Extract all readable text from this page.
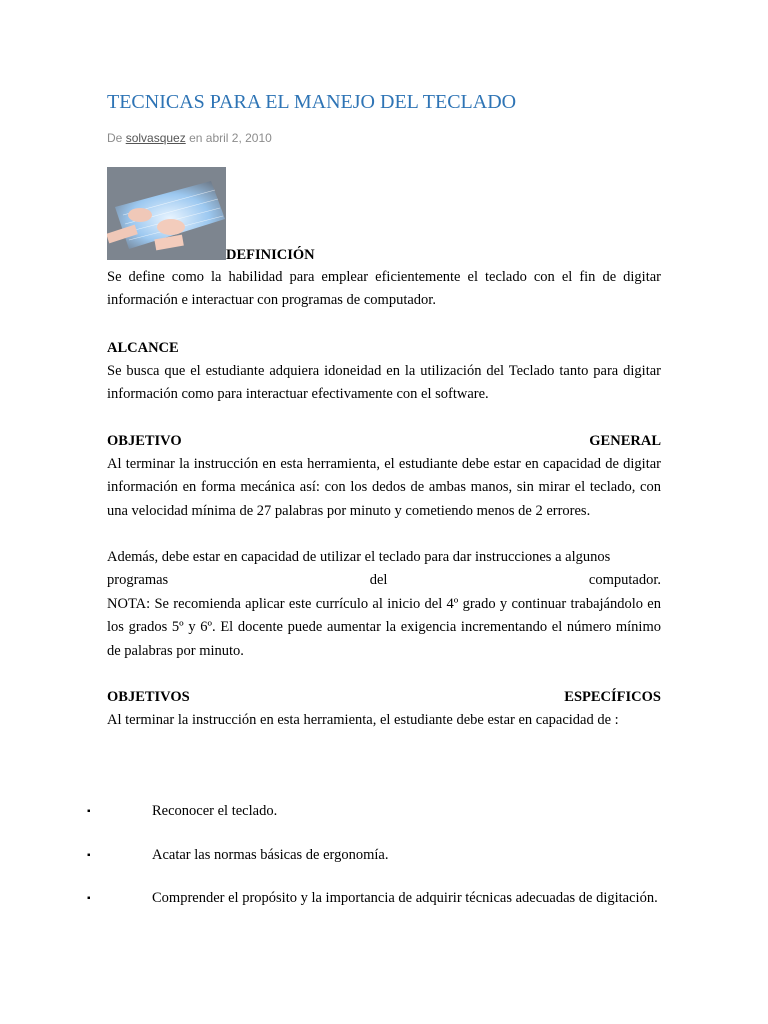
TECNICAS PARA EL MANEJO DEL TECLADO
De solvasquez en abril 2, 2010
DEFINICIÓN

Se define como la habilidad para emplear eficientemente el teclado con el fin de digitar información e interactuar con programas de computador.

ALCANCE

Se busca que el estudiante adquiera idoneidad en la utilización del Teclado tanto para digitar información como para interactuar efectivamente con el software.

OBJETIVO	GENERAL

Al terminar la instrucción en esta herramienta, el estudiante debe estar en capacidad de digitar información en forma mecánica así: con los dedos de ambas manos, sin mirar el teclado, con una velocidad mínima de 27 palabras por minuto y cometiendo menos de 2 errores.

Además, debe estar en capacidad de utilizar el teclado para dar instrucciones a algunos

programas	del	computador.

NOTA: Se recomienda aplicar este currículo al inicio del 4º grado y continuar trabajándolo en los grados 5º y 6º. El docente puede aumentar la exigencia incrementando el número mínimo de palabras por minuto.

OBJETIVOS	ESPECÍFICOS

Al terminar la instrucción en esta herramienta, el estudiante debe estar en capacidad de :

▪	Reconocer el teclado.
▪	Acatar las normas básicas de ergonomía.
▪	Comprender el propósito y la importancia de adquirir técnicas adecuadas de digitación.
